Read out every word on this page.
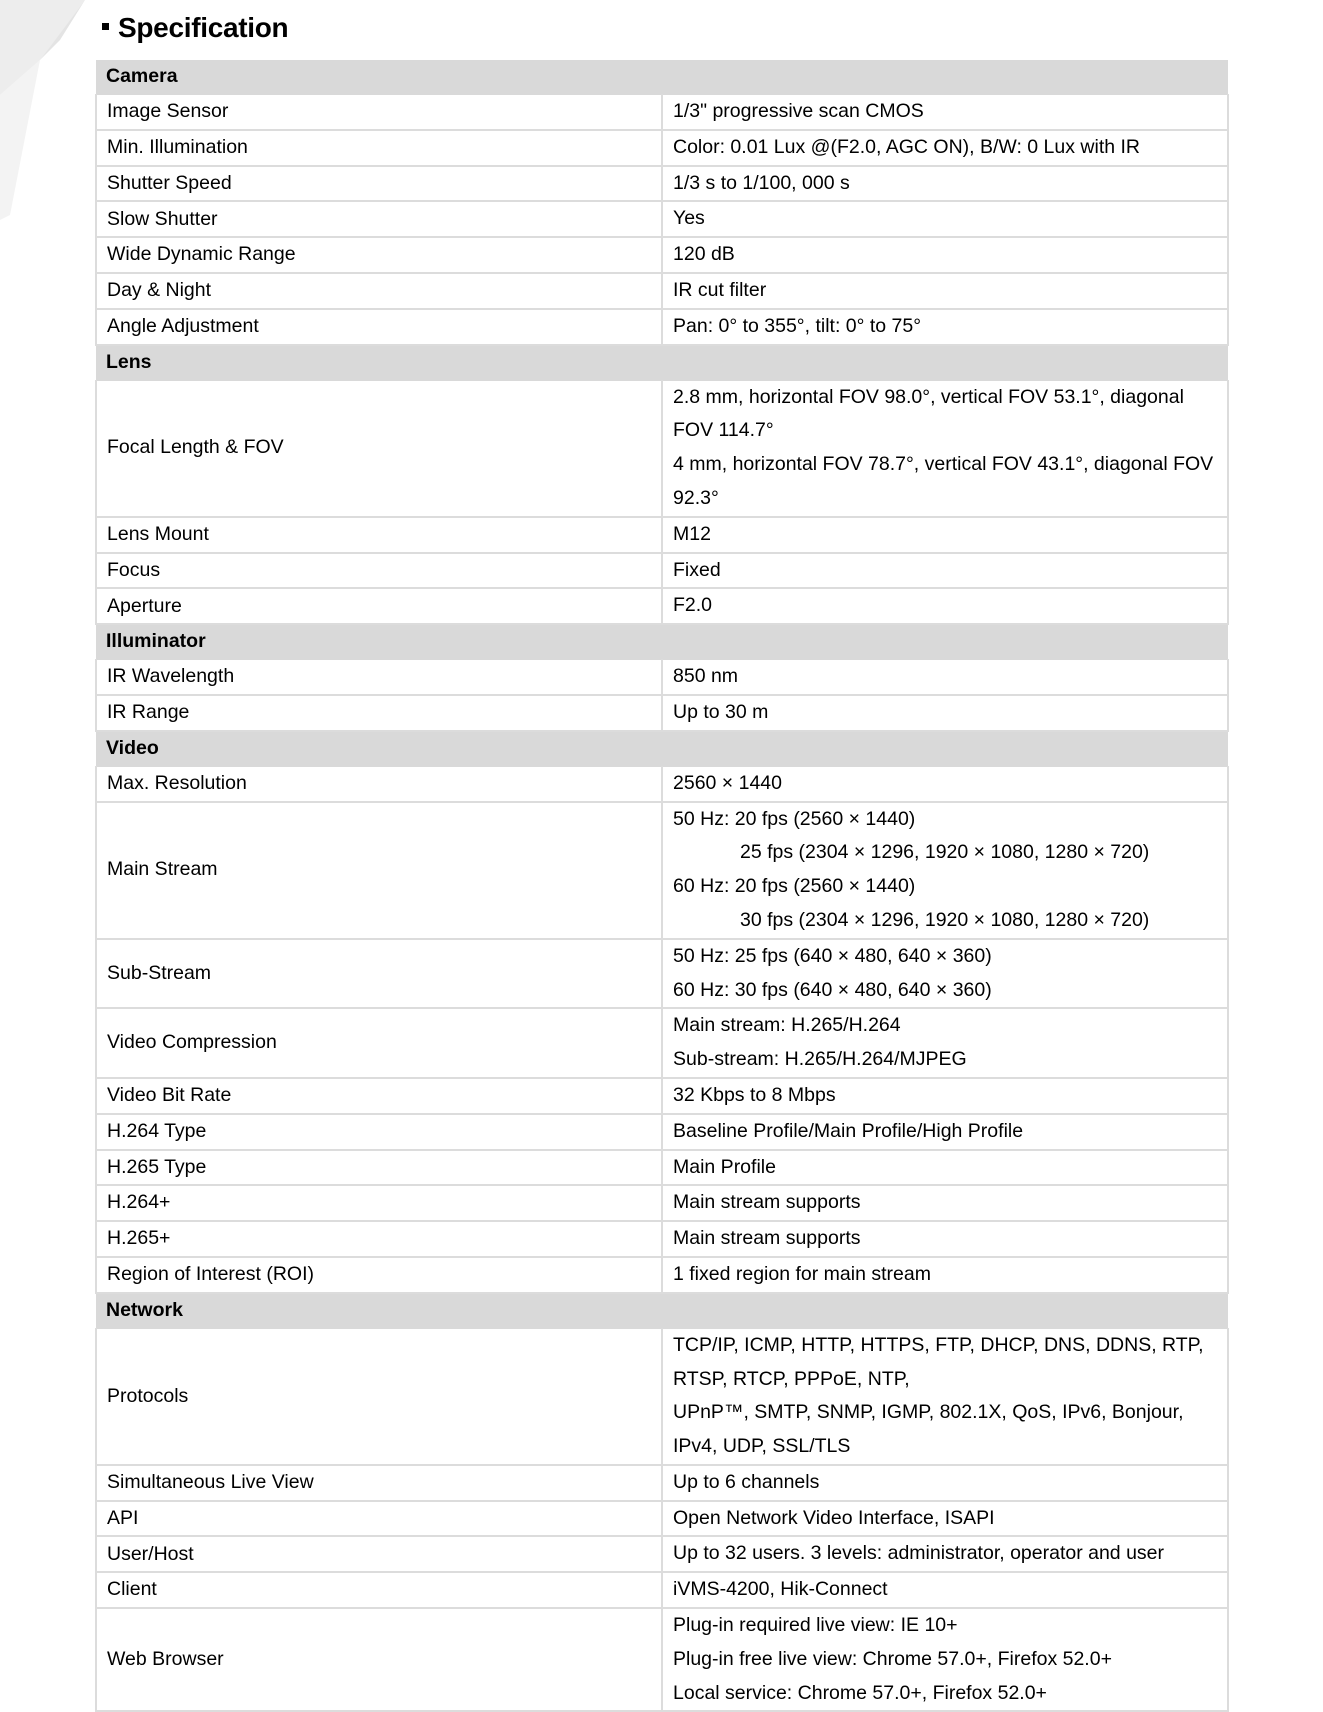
Specification
Camera	
Image Sensor	1/3" progressive scan CMOS

Min. Illumination	Color: 0.01 Lux @(F2.0, AGC ON), B/W: 0 Lux with IR

Shutter Speed	1/3 s to 1/100, 000 s

Slow Shutter	Yes

Wide Dynamic Range	120 dB

Day & Night	IR cut filter

Angle Adjustment	Pan: 0° to 355°, tilt: 0° to 75°

Lens	
Focal Length & FOV	2.8 mm, horizontal FOV 98.0°, vertical FOV 53.1°, diagonal FOV 114.7°
4 mm, horizontal FOV 78.7°, vertical FOV 43.1°, diagonal FOV 92.3°

Lens Mount	M12

Focus	Fixed

Aperture	F2.0

Illuminator	
IR Wavelength	850 nm

IR Range	Up to 30 m

Video	
Max. Resolution	2560 × 1440

Main Stream	50 Hz: 20 fps (2560 × 1440)
25 fps (2304 × 1296, 1920 × 1080, 1280 × 720)
60 Hz: 20 fps (2560 × 1440)
30 fps (2304 × 1296, 1920 × 1080, 1280 × 720)

Sub-Stream	50 Hz: 25 fps (640 × 480, 640 × 360)
60 Hz: 30 fps (640 × 480, 640 × 360)

Video Compression	Main stream: H.265/H.264
Sub-stream: H.265/H.264/MJPEG

Video Bit Rate	32 Kbps to 8 Mbps

H.264 Type	Baseline Profile/Main Profile/High Profile

H.265 Type	Main Profile

H.264+	Main stream supports

H.265+	Main stream supports

Region of Interest (ROI)	1 fixed region for main stream

Network	
Protocols	TCP/IP, ICMP, HTTP, HTTPS, FTP, DHCP, DNS, DDNS, RTP, RTSP, RTCP, PPPoE, NTP,
UPnP™, SMTP, SNMP, IGMP, 802.1X, QoS, IPv6, Bonjour, IPv4, UDP, SSL/TLS

Simultaneous Live View	Up to 6 channels

API	Open Network Video Interface, ISAPI

User/Host	Up to 32 users. 3 levels: administrator, operator and user

Client	iVMS-4200, Hik-Connect

Web Browser	Plug-in required live view: IE 10+
Plug-in free live view: Chrome 57.0+, Firefox 52.0+
Local service: Chrome 57.0+, Firefox 52.0+
